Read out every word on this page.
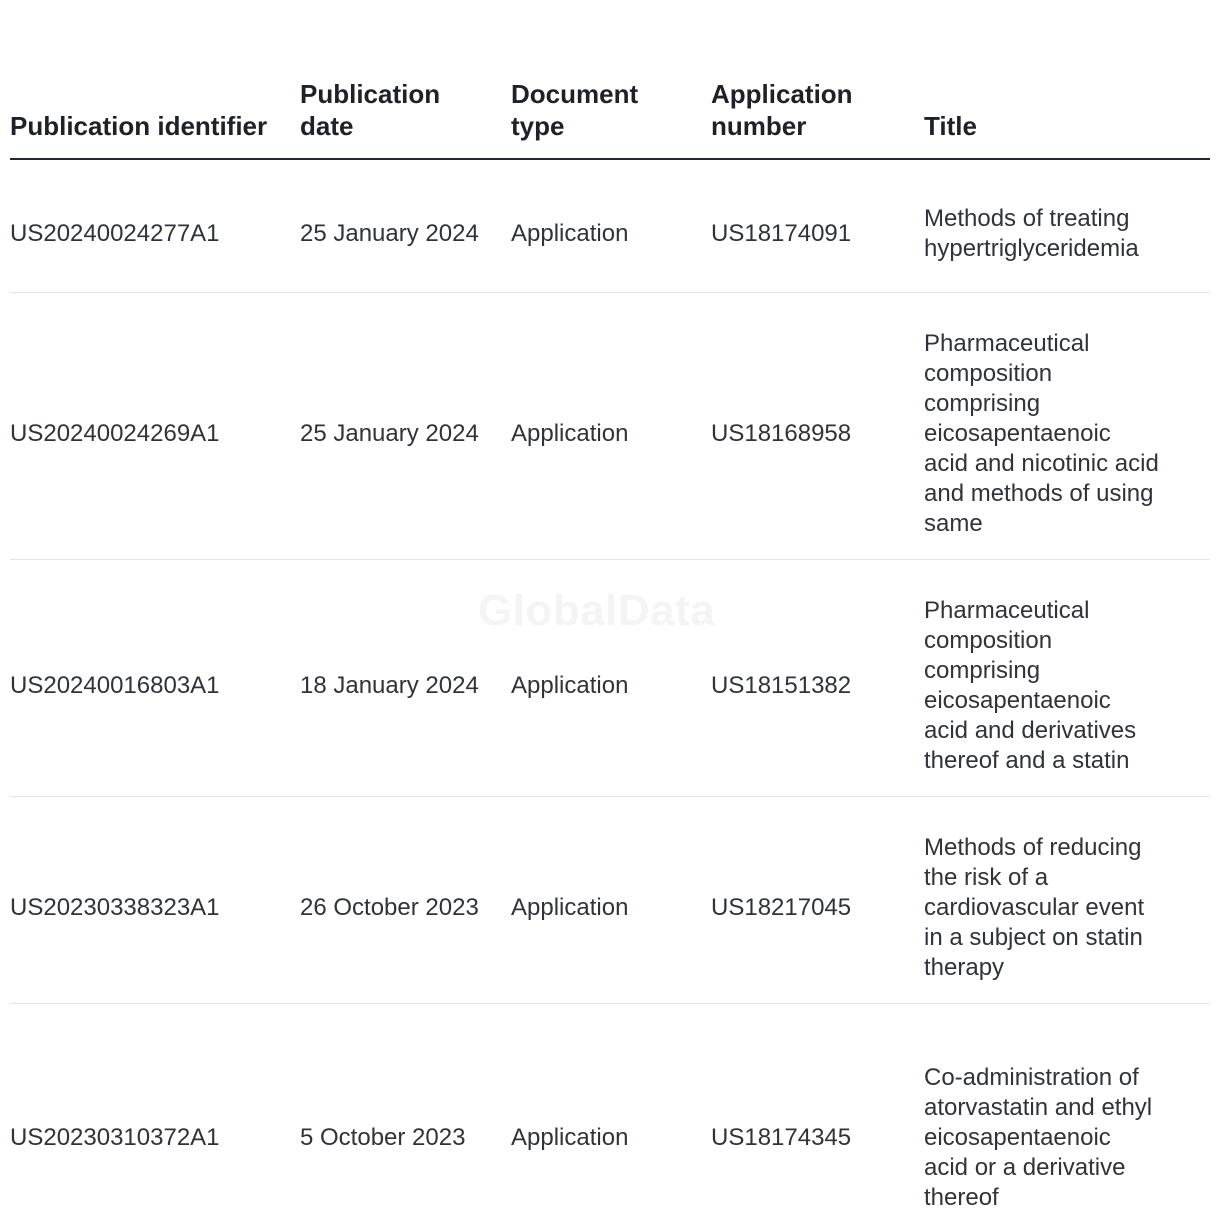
GlobalData
Publication identifier	Publication date	Document type	Application number	Title

US20240024277A1	25 January 2024	Application	US18174091	Methods of treating hypertriglyceridemia

US20240024269A1	25 January 2024	Application	US18168958	Pharmaceutical composition comprising eicosapentaenoic acid and nicotinic acid and methods of using same

US20240016803A1	18 January 2024	Application	US18151382	Pharmaceutical composition comprising eicosapentaenoic acid and derivatives thereof and a statin

US20230338323A1	26 October 2023	Application	US18217045	Methods of reducing the risk of a cardiovascular event in a subject on statin therapy

US20230310372A1	5 October 2023	Application	US18174345	Co-administration of atorvastatin and ethyl eicosapentaenoic acid or a derivative thereof
